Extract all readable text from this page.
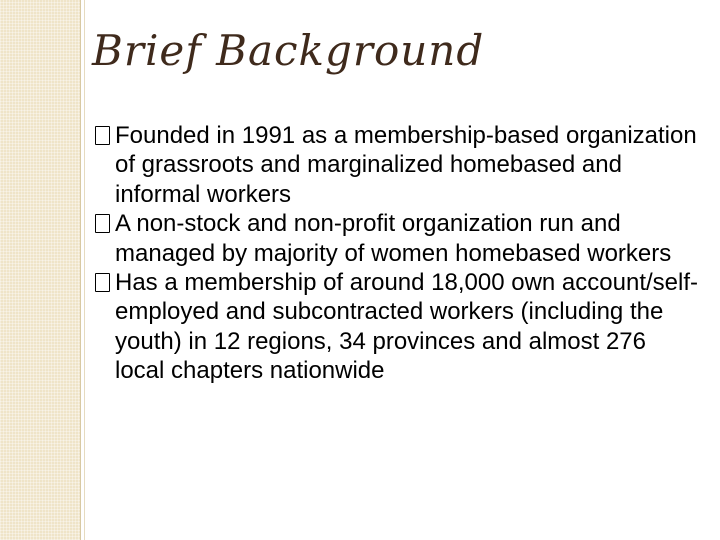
Brief Background
Founded in 1991 as a membership-based organization of grassroots and marginalized homebased and informal workers
A non-stock and non-profit organization run and managed by majority of women homebased workers
Has a membership of around 18,000 own account/self-employed and subcontracted workers (including the youth) in 12 regions, 34 provinces and almost 276 local chapters nationwide
